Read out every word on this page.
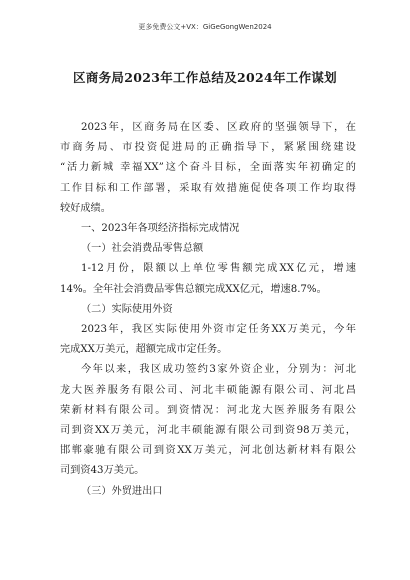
更多免费公文+VX：GiGeGongWen2024
区商务局2023年工作总结及2024年工作谋划
2023年，区商务局在区委、区政府的坚强领导下，在
市商务局、市投资促进局的正确指导下，紧紧围绕建设
“活力新城 幸福XX”这个奋斗目标，全面落实年初确定的
工作目标和工作部署，采取有效措施促使各项工作均取得
较好成绩。
一、2023年各项经济指标完成情况
（一）社会消费品零售总额
1-12月份，限额以上单位零售额完成XX亿元，增速
14%。全年社会消费品零售总额完成XX亿元，增速8.7%。
（二）实际使用外资
2023年，我区实际使用外资市定任务XX万美元，今年
完成XX万美元，超额完成市定任务。
今年以来，我区成功签约3家外资企业，分别为：河北
龙大医养服务有限公司、河北丰硕能源有限公司、河北昌
荣新材料有限公司。到资情况：河北龙大医养服务有限公
司到资XX万美元，河北丰硕能源有限公司到资98万美元，
邯郸豪驰有限公司到资XX万美元，河北创达新材料有限公
司到资43万美元。
（三）外贸进出口
